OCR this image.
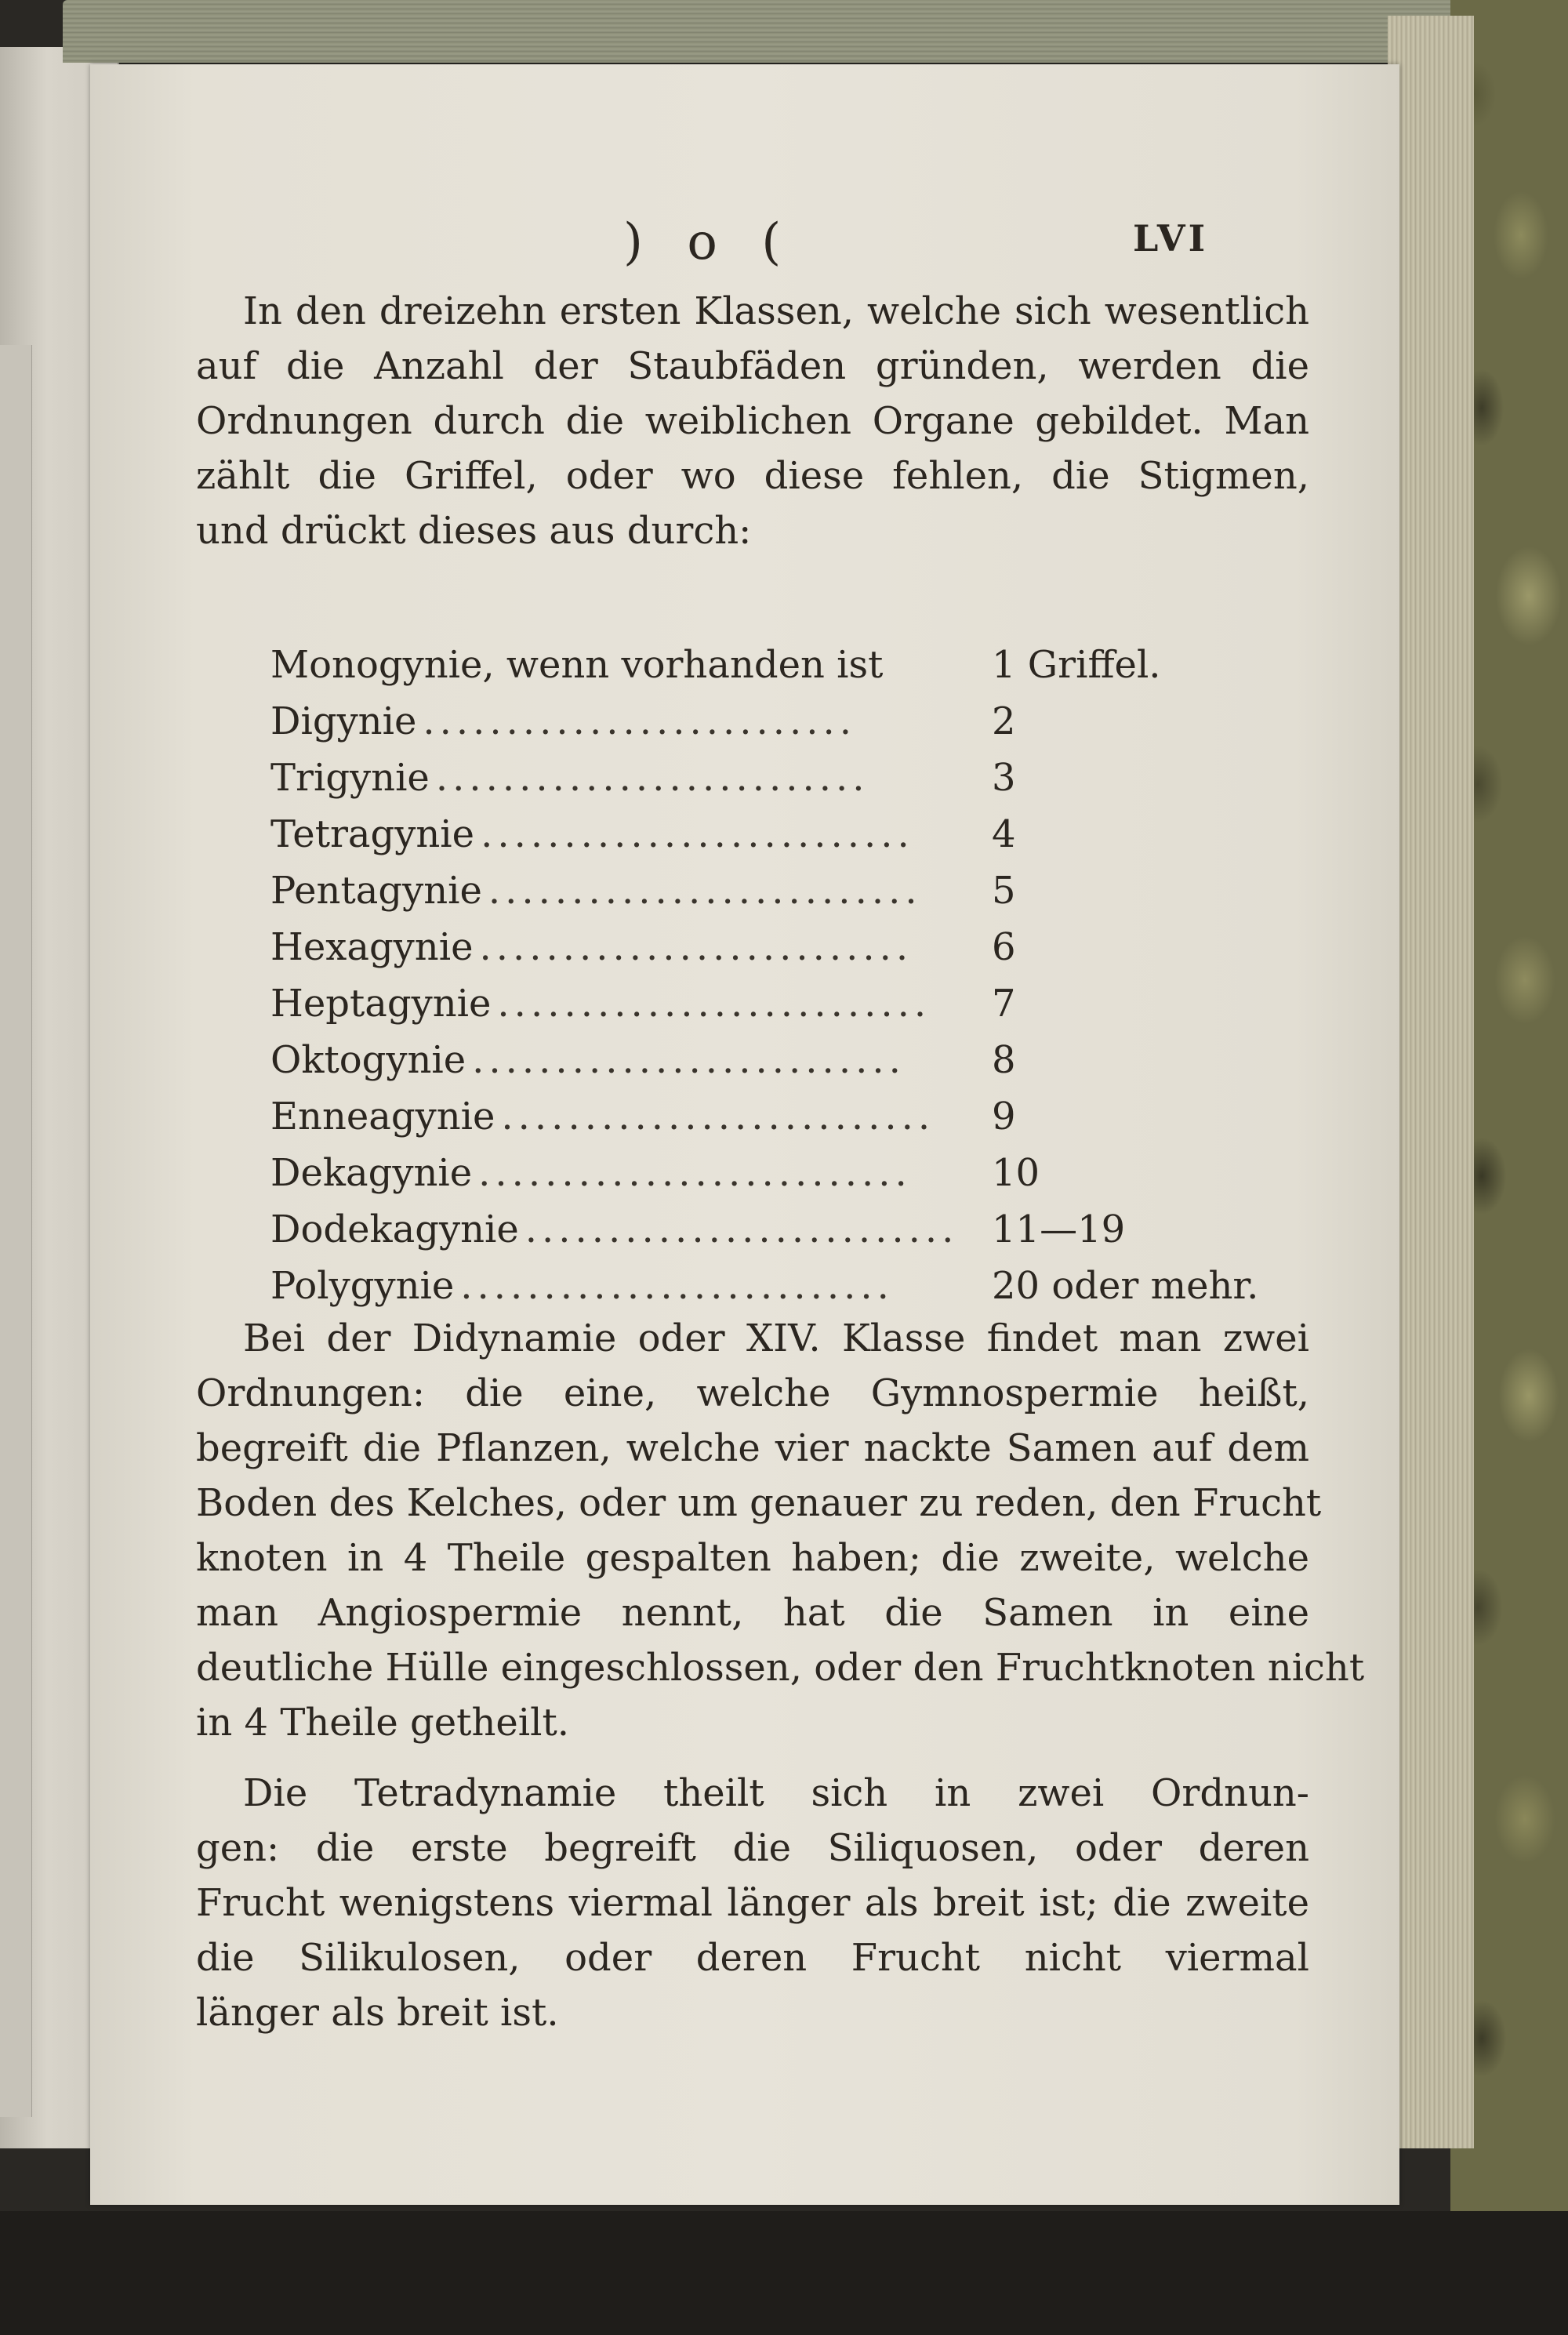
) o (	LVI
In den dreizehn ersten Klassen, welche sich wesentlich
auf die Anzahl der Staubfäden gründen, werden die
Ordnungen durch die weiblichen Organe gebildet. Man
zählt die Griffel, oder wo diese fehlen, die Stigmen,
und drückt dieses aus durch:
Monogynie, wenn vorhanden ist	1 Griffel.
Digynie ..........................	2
Trigynie ..........................	3
Tetragynie ..........................	4
Pentagynie ..........................	5
Hexagynie ..........................	6
Heptagynie ..........................	7
Oktogynie ..........................	8
Enneagynie ..........................	9
Dekagynie ..........................	10
Dodekagynie .......................... 11—19
Polygynie ..........................	20 oder mehr.
Bei der Didynamie oder XIV. Klasse findet man zwei
Ordnungen: die eine, welche Gymnospermie heißt,
begreift die Pflanzen, welche vier nackte Samen auf dem
Boden des Kelches, oder um genauer zu reden, den Frucht
knoten in 4 Theile gespalten haben; die zweite, welche
man Angiospermie nennt, hat die Samen in eine
deutliche Hülle eingeschlossen, oder den Fruchtknoten nicht
in 4 Theile getheilt.
Die Tetradynamie theilt sich in zwei Ordnun-
gen: die erste begreift die Siliquosen, oder deren
Frucht wenigstens viermal länger als breit ist; die zweite
die Silikulosen, oder deren Frucht nicht viermal
länger als breit ist.
